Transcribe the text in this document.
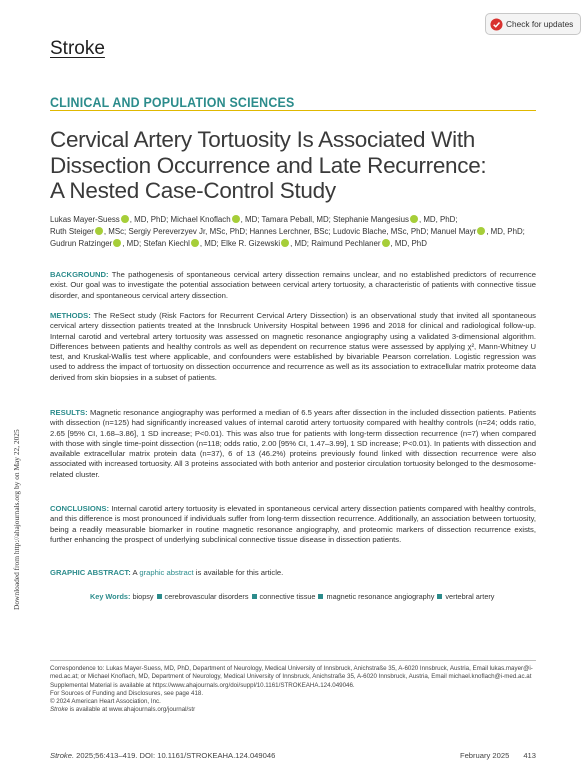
Check for updates
Stroke
CLINICAL AND POPULATION SCIENCES
Cervical Artery Tortuosity Is Associated With
Dissection Occurrence and Late Recurrence:
A Nested Case-Control Study
Lukas Mayer-Suess , MD, PhD; Michael Knoflach , MD; Tamara Peball, MD; Stephanie Mangesius , MD, PhD;
Ruth Steiger , MSc; Sergiy Pereverzyev Jr, MSc, PhD; Hannes Lerchner, BSc; Ludovic Blache, MSc, PhD; Manuel Mayr , MD, PhD;
Gudrun Ratzinger , MD; Stefan Kiechl , MD; Elke R. Gizewski , MD; Raimund Pechlaner , MD, PhD

BACKGROUND: The pathogenesis of spontaneous cervical artery dissection remains unclear, and no established predictors of recurrence exist. Our goal was to investigate the potential association between cervical artery tortuosity, a characteristic of patients with connective tissue disorder, and spontaneous cervical artery dissection.

METHODS: The ReSect study (Risk Factors for Recurrent Cervical Artery Dissection) is an observational study that invited all spontaneous cervical artery dissection patients treated at the Innsbruck University Hospital between 1996 and 2018 for clinical and radiological follow-up. Internal carotid and vertebral artery tortuosity was assessed on magnetic resonance angiography using a validated 3-dimensional algorithm. Differences between patients and healthy controls as well as dependent on recurrence status were assessed by applying χ², Mann-Whitney U test, and Kruskal-Wallis test where applicable, and confounders were established by bivariable Pearson correlation. Logistic regression was used to address the impact of tortuosity on dissection occurrence and recurrence as well as its association to extracellular matrix proteome data derived from skin biopsies in a subset of patients.

RESULTS: Magnetic resonance angiography was performed a median of 6.5 years after dissection in the included dissection patients. Patients with dissection (n=125) had significantly increased values of internal carotid artery tortuosity compared with healthy controls (n=24; odds ratio, 2.65 [95% CI, 1.68–3.86], 1 SD increase; P<0.01). This was also true for patients with long-term dissection recurrence (n=7) when compared with those with single time-point dissection (n=118; odds ratio, 2.00 [95% CI, 1.47–3.99], 1 SD increase; P<0.01). In patients with dissection and available extracellular matrix protein data (n=37), 6 of 13 (46.2%) proteins previously found linked with dissection recurrence were also associated with increased tortuosity. All 3 proteins associated with both anterior and posterior circulation tortuosity belonged to the desmosome-related cluster.

CONCLUSIONS: Internal carotid artery tortuosity is elevated in spontaneous cervical artery dissection patients compared with healthy controls, and this difference is most pronounced if individuals suffer from long-term dissection recurrence. Additionally, an association between tortuosity, being a readily measurable biomarker in routine magnetic resonance angiography, and proteomic markers of dissection recurrence exists, further enhancing the prospect of underlying subclinical connective tissue disease in dissection patients.

GRAPHIC ABSTRACT: A graphic abstract is available for this article.

Key Words: biopsy cerebrovascular disorders connective tissue magnetic resonance angiography vertebral artery
Downloaded from http://ahajournals.org by on May 22, 2025

Correspondence to: Lukas Mayer-Suess, MD, PhD, Department of Neurology, Medical University of Innsbruck, Anichstraße 35, A-6020 Innsbruck, Austria, Email lukas.mayer@i-med.ac.at; or Michael Knoflach, MD, Department of Neurology, Medical University of Innsbruck, Anichstraße 35, A-6020 Innsbruck, Austria, Email michael.knoflach@i-med.ac.at

Supplemental Material is available at https://www.ahajournals.org/doi/suppl/10.1161/STROKEAHA.124.049046.

For Sources of Funding and Disclosures, see page 418.

© 2024 American Heart Association, Inc.

Stroke is available at www.ahajournals.org/journal/str

Stroke. 2025;56:413–419. DOI: 10.1161/STROKEAHA.124.049046	February 2025 413
